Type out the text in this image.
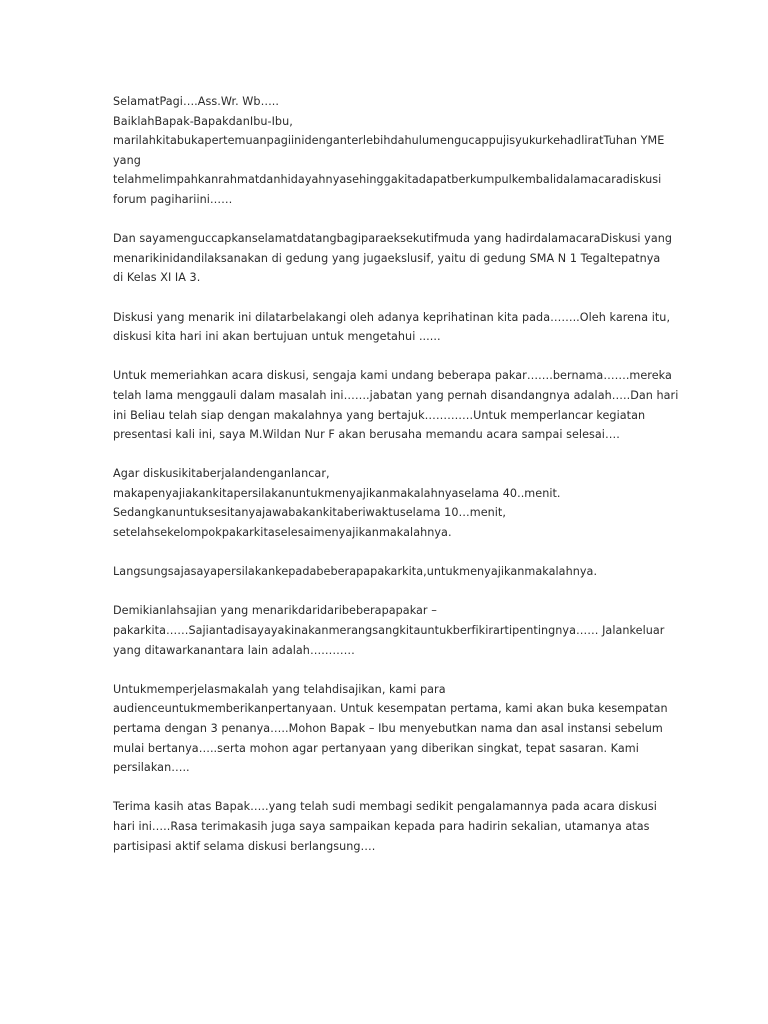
SelamatPagi….Ass.Wr. Wb…..
BaiklahBapak-BapakdanIbu-Ibu,
marilahkitabukapertemuanpagiinidenganterlebihdahulumengucappujisyukurkehadliratTuhan YME
yang
telahmelimpahkanrahmatdanhidayahnyasehinggakitadapatberkumpulkembalidalamacaradiskusi
forum pagihariini……
Dan sayamenguccapkanselamatdatangbagiparaeksekutifmuda yang hadirdalamacaraDiskusi yang
menarikinidandilaksanakan di gedung yang jugaekslusif, yaitu di gedung SMA N 1 Tegaltepatnya
di Kelas XI IA 3.
Diskusi yang menarik ini dilatarbelakangi oleh adanya keprihatinan kita pada……..Oleh karena itu,
diskusi kita hari ini akan bertujuan untuk mengetahui ......
Untuk memeriahkan acara diskusi, sengaja kami undang beberapa pakar…….bernama…….mereka
telah lama menggauli dalam masalah ini…….jabatan yang pernah disandangnya adalah…..Dan hari
ini Beliau telah siap dengan makalahnya yang bertajuk………….Untuk memperlancar kegiatan
presentasi kali ini, saya M.Wildan Nur F akan berusaha memandu acara sampai selesai….
Agar diskusikitaberjalandenganlancar,
makapenyajiakankitapersilakanuntukmenyajikanmakalahnyaselama 40..menit.
Sedangkanuntuksesitanyajawabakankitaberiwaktuselama 10…menit,
setelahsekelompokpakarkitaselesaimenyajikanmakalahnya.
Langsungsajasayapersilakankepadabeberapapakarkita,untukmenyajikanmakalahnya.
Demikianlahsajian yang menarikdaridaribeberapapakar –
pakarkita……Sajiantadisayayakinakanmerangsangkitauntukberfikirartipentingnya…… Jalankeluar
yang ditawarkanantara lain adalah…………
Untukmemperjelasmakalah yang telahdisajikan, kami para
audienceuntukmemberikanpertanyaan. Untuk kesempatan pertama, kami akan buka kesempatan
pertama dengan 3 penanya…..Mohon Bapak – Ibu menyebutkan nama dan asal instansi sebelum
mulai bertanya…..serta mohon agar pertanyaan yang diberikan singkat, tepat sasaran. Kami
persilakan…..
Terima kasih atas Bapak…..yang telah sudi membagi sedikit pengalamannya pada acara diskusi
hari ini…..Rasa terimakasih juga saya sampaikan kepada para hadirin sekalian, utamanya atas
partisipasi aktif selama diskusi berlangsung….
